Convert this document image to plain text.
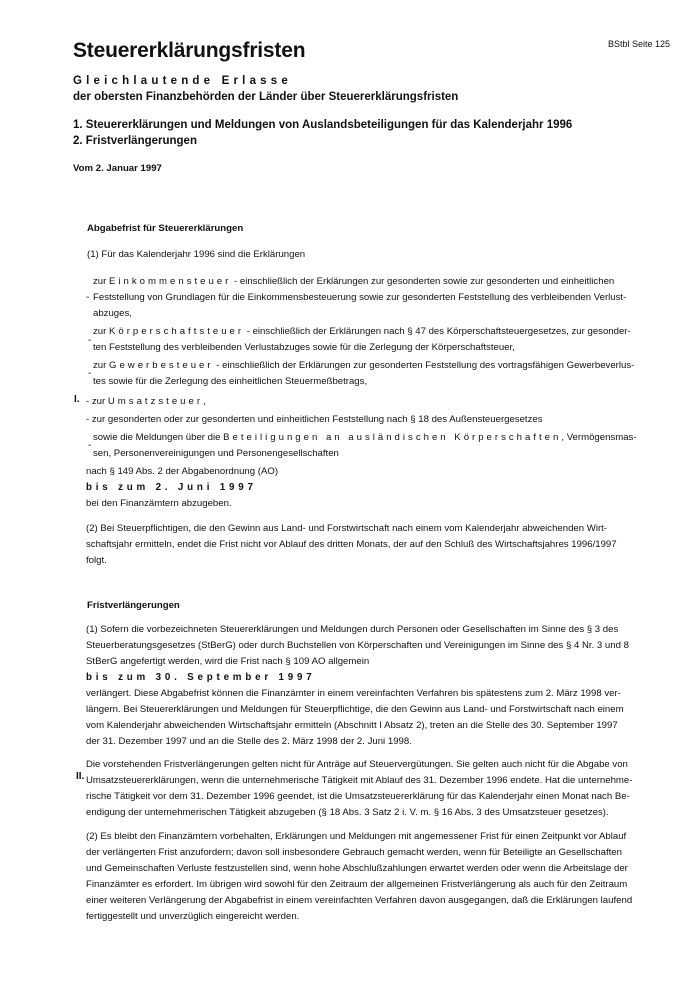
BStbl Seite 125
Steuererklärungsfristen
Gleichlautende Erlasse
der obersten Finanzbehörden der Länder über Steuererklärungsfristen
1. Steuererklärungen und Meldungen von Auslandsbeteiligungen für das Kalenderjahr 1996
2. Fristverlängerungen
Vom 2. Januar 1997
Abgabefrist für Steuererklärungen
(1) Für das Kalenderjahr 1996 sind die Erklärungen
zur Einkommensteuer - einschließlich der Erklärungen zur gesonderten sowie zur gesonderten und einheitlichen
- Feststellung von Grundlagen für die Einkommensbesteuerung sowie zur gesonderten Feststellung des verbleibenden Verlust-
abzuges,
zur Körperschaftsteuer - einschließlich der Erklärungen nach § 47 des Körperschaftsteuergesetzes, zur gesonder-
-
ten Feststellung des verbleibenden Verlustabzuges sowie für die Zerlegung der Körperschaftsteuer,
zur Gewerbesteuer - einschließlich der Erklärungen zur gesonderten Feststellung des vortragsfähigen Gewerbeverlus-
-
tes sowie für die Zerlegung des einheitlichen Steuermeßbetrags,
I. - zur Umsatzsteuer,
- zur gesonderten oder zur gesonderten und einheitlichen Feststellung nach § 18 des Außensteuergesetzes
sowie die Meldungen über die Beteiligungen an ausländischen Körperschaften, Vermögensmas-
-
sen, Personenvereinigungen und Personengesellschaften
nach § 149 Abs. 2 der Abgabenordnung (AO)
bis zum 2. Juni 1997
bei den Finanzämtern abzugeben.
(2) Bei Steuerpflichtigen, die den Gewinn aus Land- und Forstwirtschaft nach einem vom Kalenderjahr abweichenden Wirt-
schaftsjahr ermitteln, endet die Frist nicht vor Ablauf des dritten Monats, der auf den Schluß des Wirtschaftsjahres 1996/1997
folgt.
Fristverlängerungen
(1) Sofern die vorbezeichneten Steuererklärungen und Meldungen durch Personen oder Gesellschaften im Sinne des § 3 des
Steuerberatungsgesetzes (StBerG) oder durch Buchstellen von Körperschaften und Vereinigungen im Sinne des § 4 Nr. 3 und 8
StBerG angefertigt werden, wird die Frist nach § 109 AO allgemein
bis zum 30. September 1997
verlängert. Diese Abgabefrist können die Finanzämter in einem vereinfachten Verfahren bis spätestens zum 2. März 1998 ver-
längern. Bei Steuererklärungen und Meldungen für Steuerpflichtige, die den Gewinn aus Land- und Forstwirtschaft nach einem
vom Kalenderjahr abweichenden Wirtschaftsjahr ermitteln (Abschnitt I Absatz 2), treten an die Stelle des 30. September 1997
der 31. Dezember 1997 und an die Stelle des 2. März 1998 der 2. Juni 1998.
Die vorstehenden Fristverlängerungen gelten nicht für Anträge auf Steuervergütungen. Sie gelten auch nicht für die Abgabe von
II. Umsatzsteuererklärungen, wenn die unternehmerische Tätigkeit mit Ablauf des 31. Dezember 1996 endete. Hat die unternehme-
rische Tätigkeit vor dem 31. Dezember 1996 geendet, ist die Umsatzsteuererklärung für das Kalenderjahr einen Monat nach Be-
endigung der unternehmerischen Tätigkeit abzugeben (§ 18 Abs. 3 Satz 2 i. V. m. § 16 Abs. 3 des Umsatzsteuer gesetzes).
(2) Es bleibt den Finanzämtern vorbehalten, Erklärungen und Meldungen mit angemessener Frist für einen Zeitpunkt vor Ablauf
der verlängerten Frist anzufordern; davon soll insbesondere Gebrauch gemacht werden, wenn für Beteiligte an Gesellschaften
und Gemeinschaften Verluste festzustellen sind, wenn hohe Abschlußzahlungen erwartet werden oder wenn die Arbeitslage der
Finanzämter es erfordert. Im übrigen wird sowohl für den Zeitraum der allgemeinen Fristverlängerung als auch für den Zeitraum
einer weiteren Verlängerung der Abgabefrist in einem vereinfachten Verfahren davon ausgegangen, daß die Erklärungen laufend
fertiggestellt und unverzüglich eingereicht werden.
